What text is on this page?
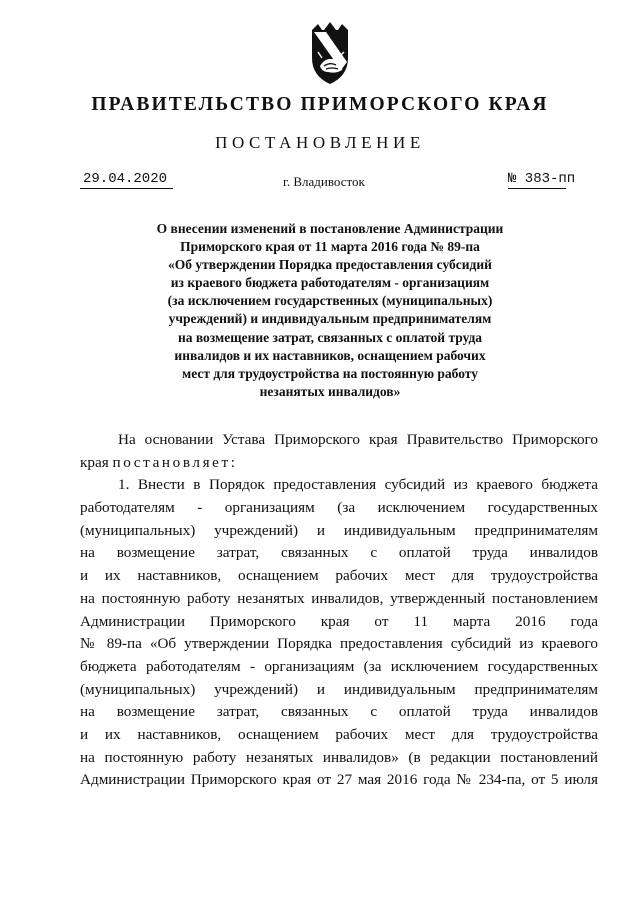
ПРАВИТЕЛЬСТВО ПРИМОРСКОГО КРАЯ
ПОСТАНОВЛЕНИЕ
29.04.2020	г. Владивосток	№ 383-пп
О внесении изменений в постановление Администрации
Приморского края от 11 марта 2016 года № 89-па
«Об утверждении Порядка предоставления субсидий
из краевого бюджета работодателям - организациям
(за исключением государственных (муниципальных)
учреждений) и индивидуальным предпринимателям
на возмещение затрат, связанных с оплатой труда
инвалидов и их наставников, оснащением рабочих
мест для трудоустройства на постоянную работу
незанятых инвалидов»
На основании Устава Приморского края Правительство Приморского
края постановляет:
1. Внести в Порядок предоставления субсидий из краевого бюджета
работодателям - организациям (за исключением государственных
(муниципальных) учреждений) и индивидуальным предпринимателям
на возмещение затрат, связанных с оплатой труда инвалидов
и их наставников, оснащением рабочих мест для трудоустройства
на постоянную работу незанятых инвалидов, утвержденный постановлением
Администрации Приморского края от 11 марта 2016 года
№ 89-па «Об утверждении Порядка предоставления субсидий из краевого
бюджета работодателям - организациям (за исключением государственных
(муниципальных) учреждений) и индивидуальным предпринимателям
на возмещение затрат, связанных с оплатой труда инвалидов
и их наставников, оснащением рабочих мест для трудоустройства
на постоянную работу незанятых инвалидов» (в редакции постановлений
Администрации Приморского края от 27 мая 2016 года № 234-па, от 5 июля
